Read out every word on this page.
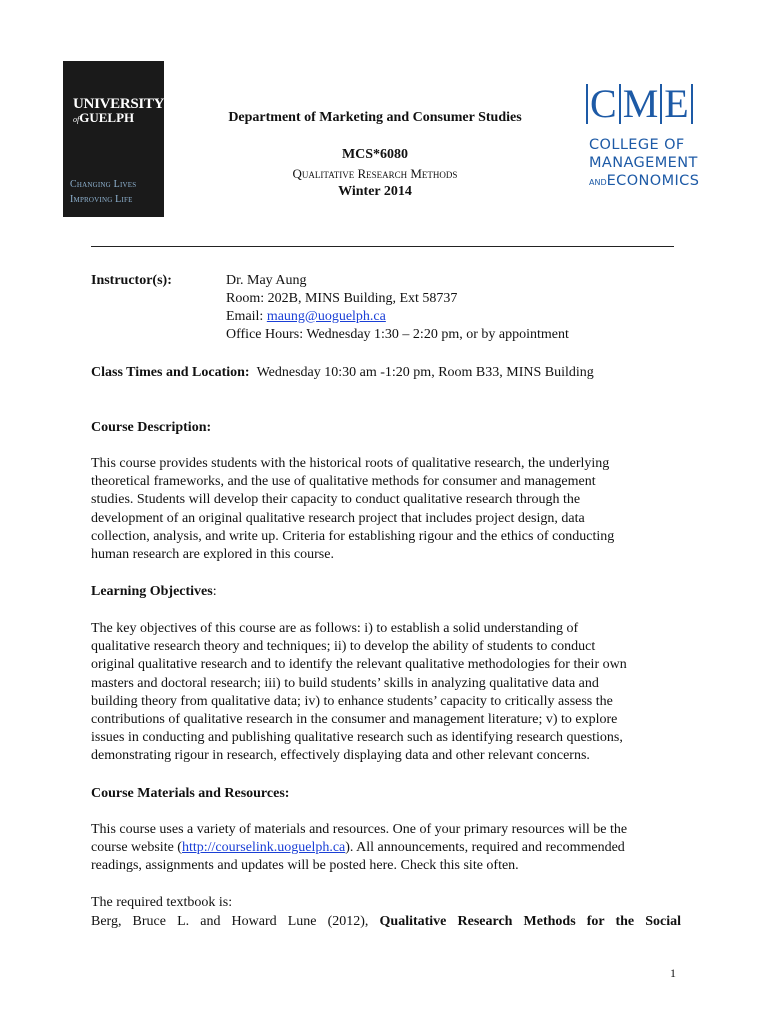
UNIVERSITY
ofGUELPH
Changing Lives
Improving Life
Department of Marketing and Consumer Studies
MCS*6080
Qualitative Research Methods
Winter 2014
C M E
COLLEGE OF
MANAGEMENT
ANDECONOMICS
Instructor(s):	Dr. May Aung
Room: 202B, MINS Building, Ext 58737
Email: maung@uoguelph.ca
Office Hours: Wednesday 1:30 – 2:20 pm, or by appointment
Class Times and Location: Wednesday 10:30 am -1:20 pm, Room B33, MINS Building
Course Description:
This course provides students with the historical roots of qualitative research, the underlying
theoretical frameworks, and the use of qualitative methods for consumer and management
studies. Students will develop their capacity to conduct qualitative research through the
development of an original qualitative research project that includes project design, data
collection, analysis, and write up. Criteria for establishing rigour and the ethics of conducting
human research are explored in this course.
Learning Objectives:
The key objectives of this course are as follows: i) to establish a solid understanding of
qualitative research theory and techniques; ii) to develop the ability of students to conduct
original qualitative research and to identify the relevant qualitative methodologies for their own
masters and doctoral research; iii) to build students’ skills in analyzing qualitative data and
building theory from qualitative data; iv) to enhance students’ capacity to critically assess the
contributions of qualitative research in the consumer and management literature; v) to explore
issues in conducting and publishing qualitative research such as identifying research questions,
demonstrating rigour in research, effectively displaying data and other relevant concerns.
Course Materials and Resources:
This course uses a variety of materials and resources. One of your primary resources will be the
course website (http://courselink.uoguelph.ca). All announcements, required and recommended
readings, assignments and updates will be posted here. Check this site often.
The required textbook is:
Berg, Bruce L. and Howard Lune (2012), Qualitative Research Methods for the Social
1
